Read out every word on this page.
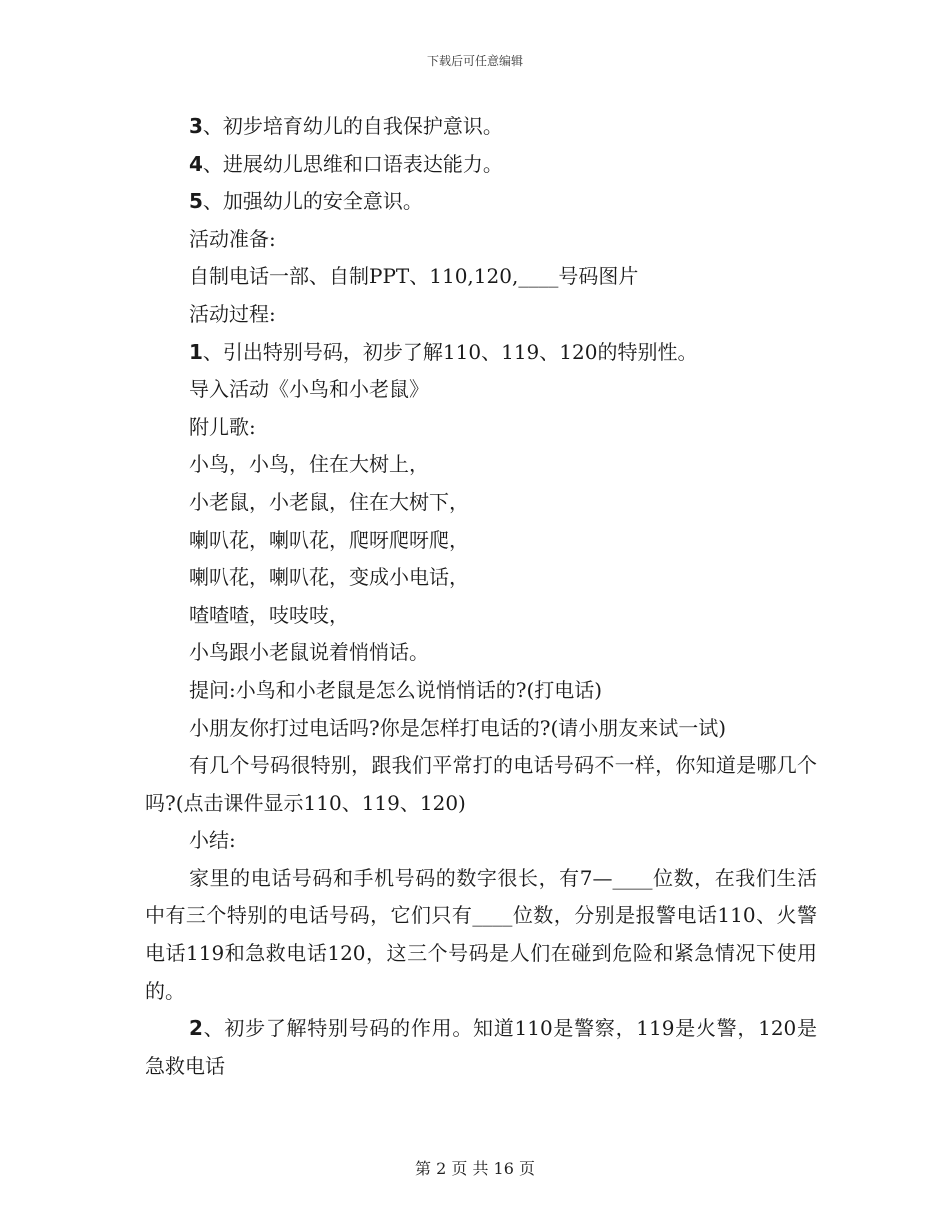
下载后可任意编辑

3、初步培育幼儿的自我保护意识。

4、进展幼儿思维和口语表达能力。

5、加强幼儿的安全意识。

活动准备:

自制电话一部、自制PPT、110,120,____号码图片

活动过程:

1、引出特别号码，初步了解110、119、120的特别性。

导入活动《小鸟和小老鼠》

附儿歌:

小鸟，小鸟，住在大树上，

小老鼠，小老鼠，住在大树下，

喇叭花，喇叭花，爬呀爬呀爬，

喇叭花，喇叭花，变成小电话，

喳喳喳，吱吱吱，

小鸟跟小老鼠说着悄悄话。

提问:小鸟和小老鼠是怎么说悄悄话的?(打电话)

小朋友你打过电话吗?你是怎样打电话的?(请小朋友来试一试)

有几个号码很特别，跟我们平常打的电话号码不一样，你知道是哪几个吗?(点击课件显示110、119、120)

小结:

家里的电话号码和手机号码的数字很长，有7—____位数，在我们生活中有三个特别的电话号码，它们只有____位数，分别是报警电话110、火警电话119和急救电话120，这三个号码是人们在碰到危险和紧急情况下使用的。

2、初步了解特别号码的作用。知道110是警察，119是火警，120是急救电话

第 2 页 共 16 页
